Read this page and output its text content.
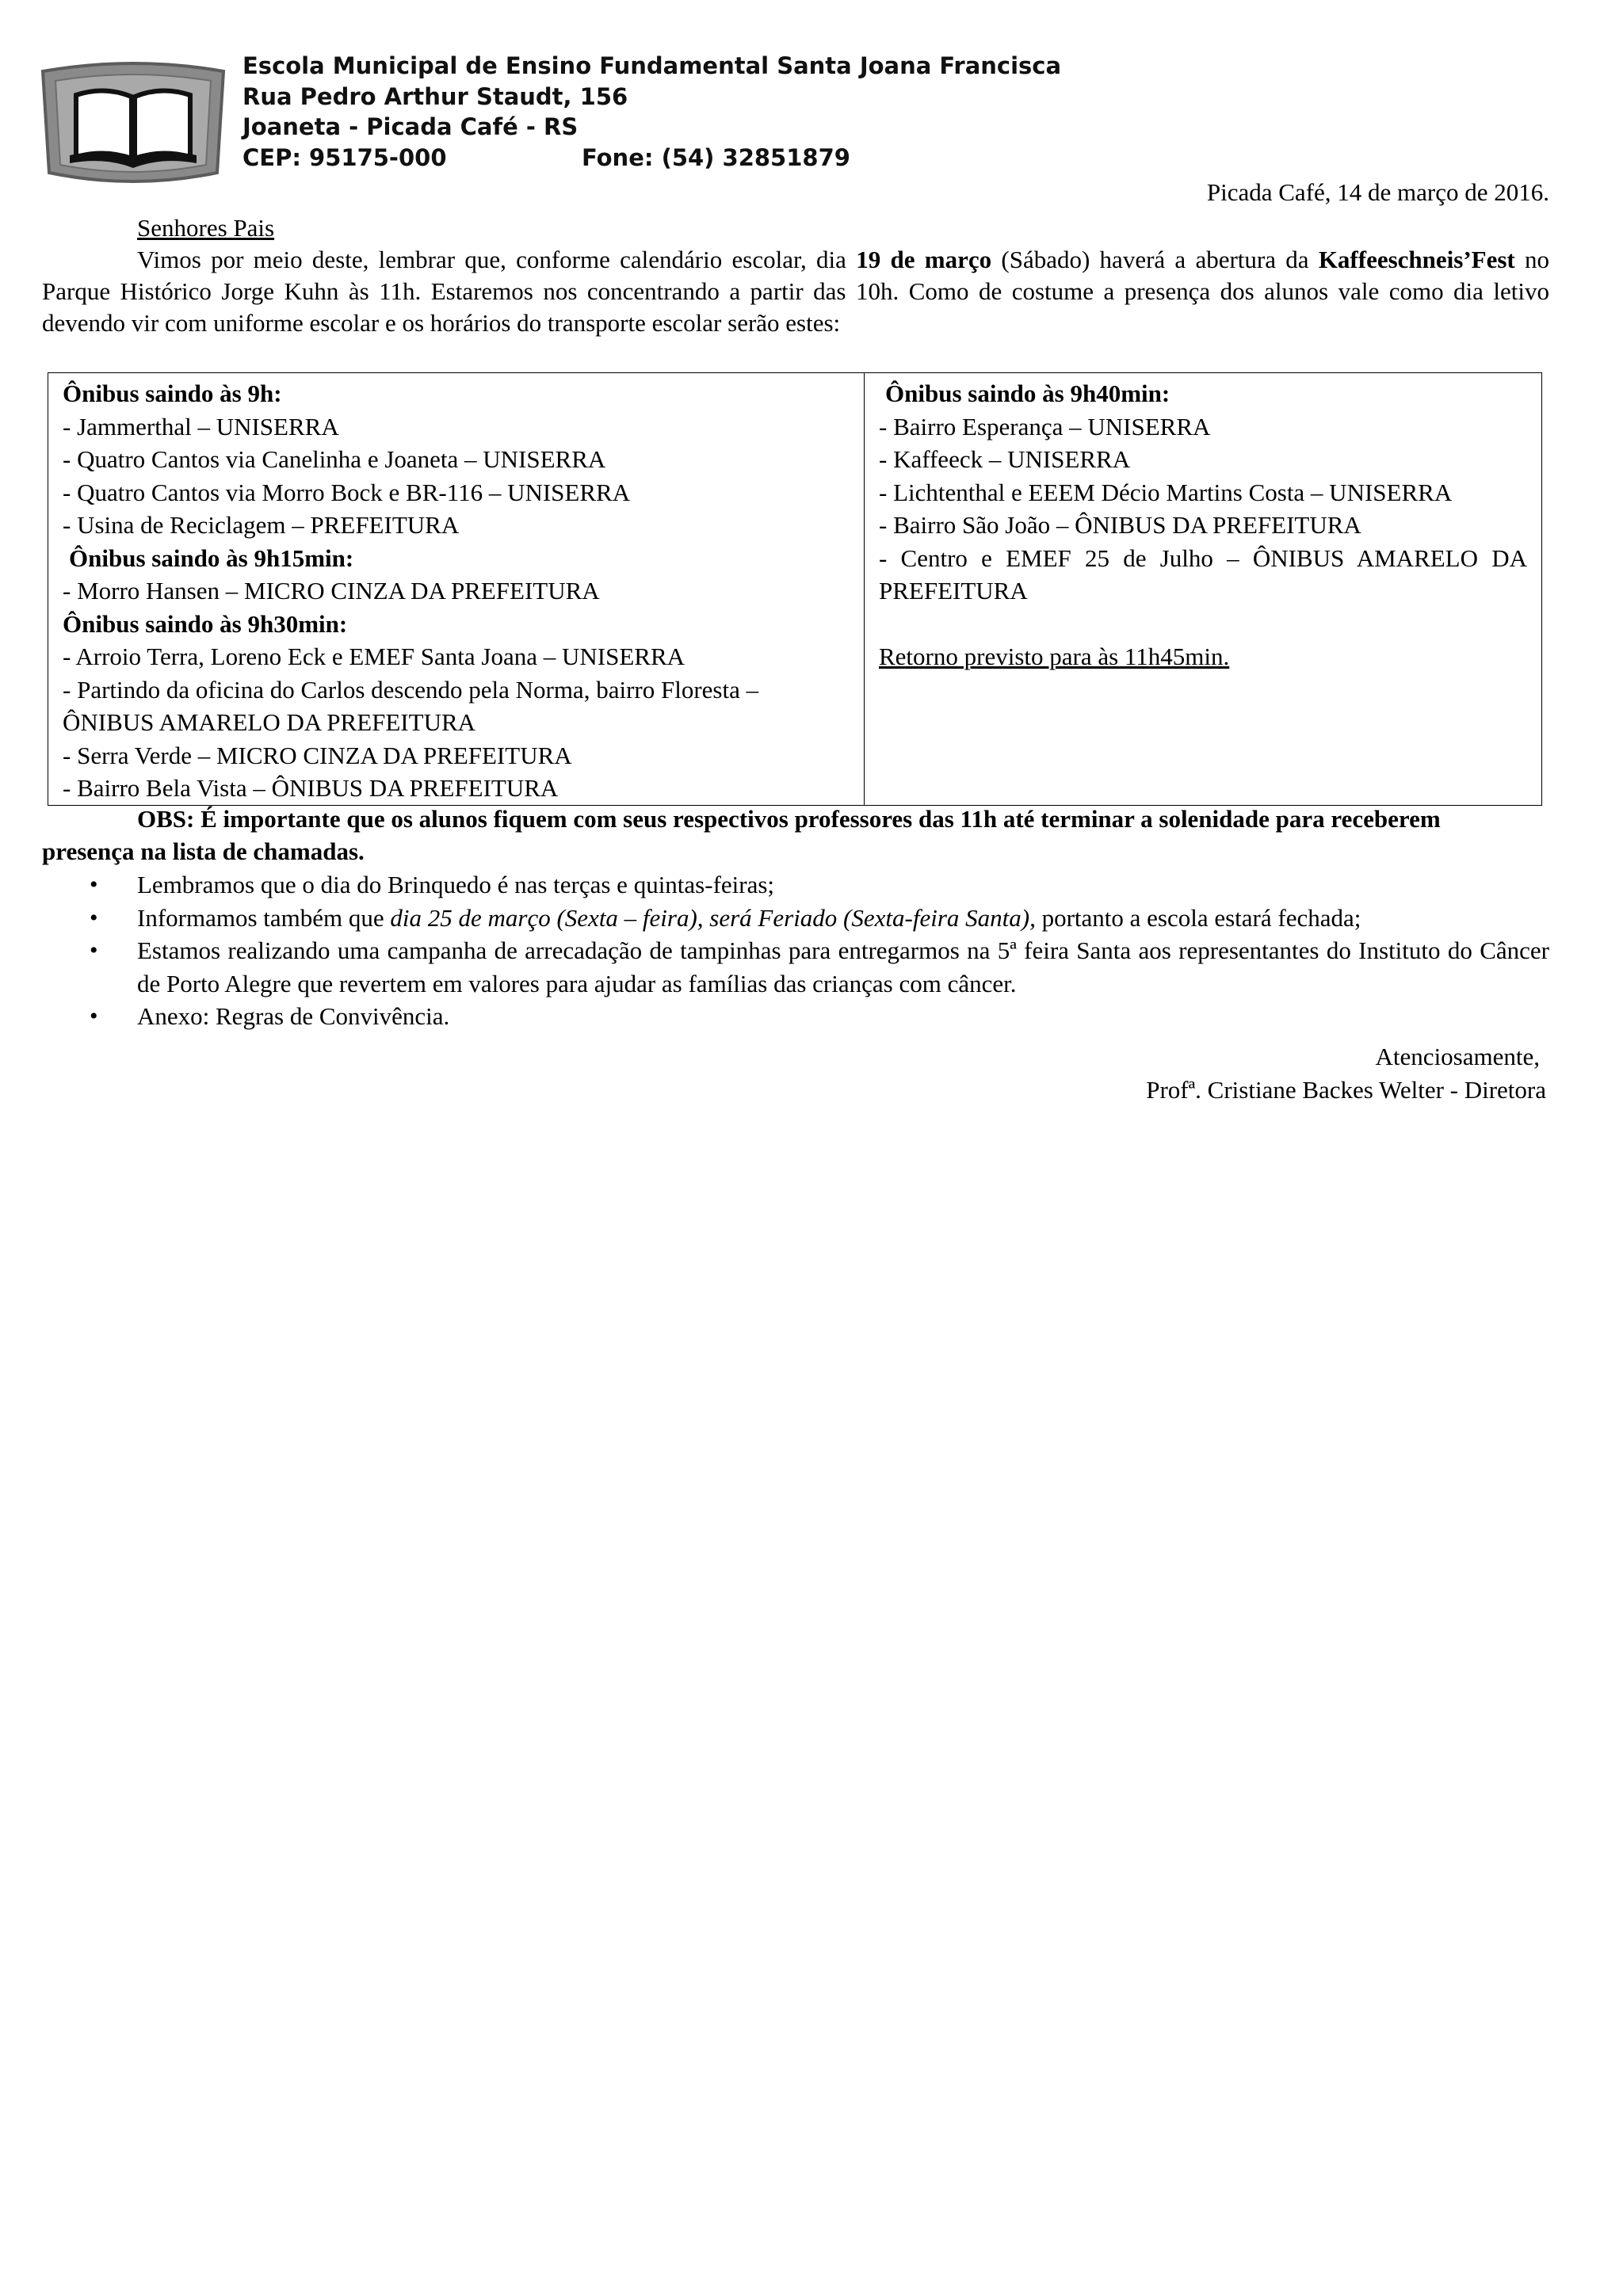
Escola Municipal de Ensino Fundamental Santa Joana Francisca
Rua Pedro Arthur Staudt, 156
Joaneta - Picada Café - RS
CEP: 95175-000	Fone: (54) 32851879
Picada Café, 14 de março de 2016.
Senhores Pais

Vimos por meio deste, lembrar que, conforme calendário escolar, dia 19 de março (Sábado) haverá a abertura da Kaffeeschneis’Fest no Parque Histórico Jorge Kuhn às 11h. Estaremos nos concentrando a partir das 10h. Como de costume a presença dos alunos vale como dia letivo devendo vir com uniforme escolar e os horários do transporte escolar serão estes:

Ônibus saindo às 9h:
- Jammerthal – UNISERRA
- Quatro Cantos via Canelinha e Joaneta – UNISERRA
- Quatro Cantos via Morro Bock e BR-116 – UNISERRA
- Usina de Reciclagem – PREFEITURA
Ônibus saindo às 9h15min:
- Morro Hansen – MICRO CINZA DA PREFEITURA
Ônibus saindo às 9h30min:
- Arroio Terra, Loreno Eck e EMEF Santa Joana – UNISERRA
- Partindo da oficina do Carlos descendo pela Norma, bairro Floresta – ÔNIBUS AMARELO DA PREFEITURA
- Serra Verde – MICRO CINZA DA PREFEITURA
- Bairro Bela Vista – ÔNIBUS DA PREFEITURA

Ônibus saindo às 9h40min:
- Bairro Esperança – UNISERRA
- Kaffeeck – UNISERRA
- Lichtenthal e EEEM Décio Martins Costa – UNISERRA
- Bairro São João – ÔNIBUS DA PREFEITURA
- Centro e EMEF 25 de Julho – ÔNIBUS AMARELO DA PREFEITURA
Retorno previsto para às 11h45min.
OBS: É importante que os alunos fiquem com seus respectivos professores das 11h até terminar a solenidade para receberem presença na lista de chamadas.
• Lembramos que o dia do Brinquedo é nas terças e quintas-feiras;
• Informamos também que dia 25 de março (Sexta – feira), será Feriado (Sexta-feira Santa), portanto a escola estará fechada;
• Estamos realizando uma campanha de arrecadação de tampinhas para entregarmos na 5ª feira Santa aos representantes do Instituto do Câncer de Porto Alegre que revertem em valores para ajudar as famílias das crianças com câncer.
• Anexo: Regras de Convivência.
Atenciosamente,
Profª. Cristiane Backes Welter - Diretora
